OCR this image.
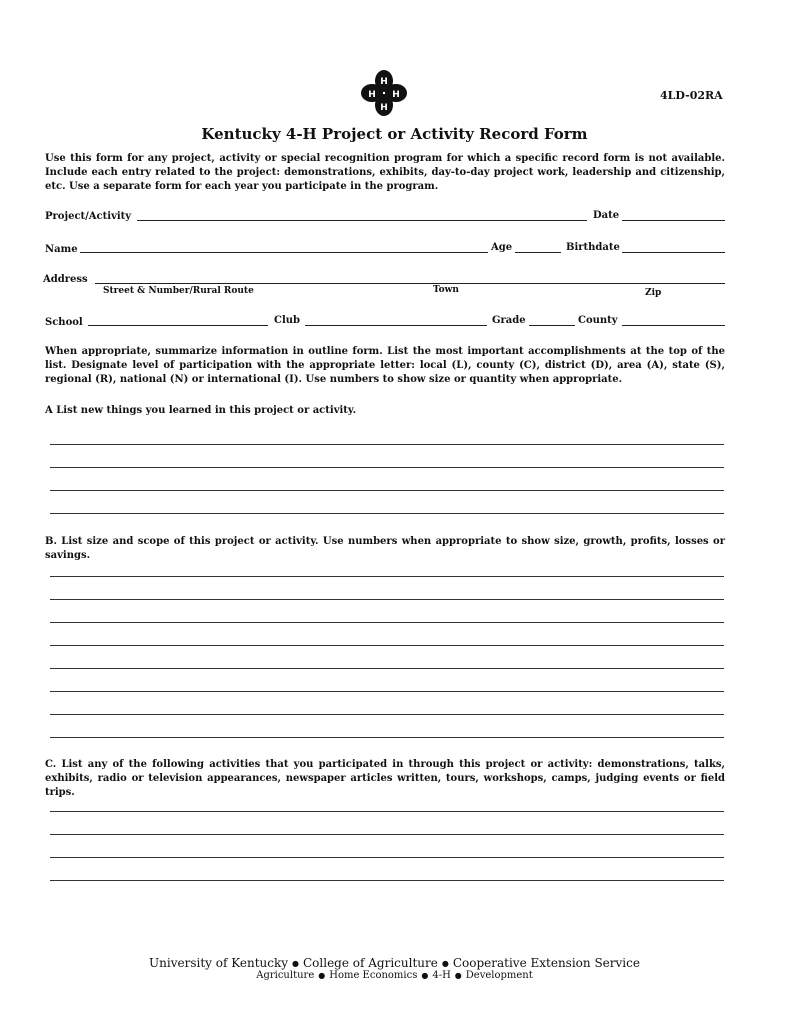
H
H
H H	4LD-02RA
Kentucky 4-H Project or Activity Record Form
Use this form for any project, activity or special recognition program for which a specific record form is not available. Include each entry related to the project: demonstrations, exhibits, day-to-day project work, leadership and citizenship, etc. Use a separate form for each year you participate in the program.
Project/Activity	Date
Name	Age	Birthdate
Address
Street & Number/Rural Route	Town	Zip
School	Club	Grade	County
When appropriate, summarize information in outline form. List the most important accomplishments at the top of the list. Designate level of participation with the appropriate letter: local (L), county (C), district (D), area (A), state (S), regional (R), national (N) or international (I). Use numbers to show size or quantity when appropriate.
A List new things you learned in this project or activity.
B. List size and scope of this project or activity. Use numbers when appropriate to show size, growth, profits, losses or savings.
C. List any of the following activities that you participated in through this project or activity: demonstrations, talks, exhibits, radio or television appearances, newspaper articles written, tours, workshops, camps, judging events or field trips.
University of Kentucky ● College of Agriculture ● Cooperative Extension Service
Agriculture ● Home Economics ● 4-H ● Development
